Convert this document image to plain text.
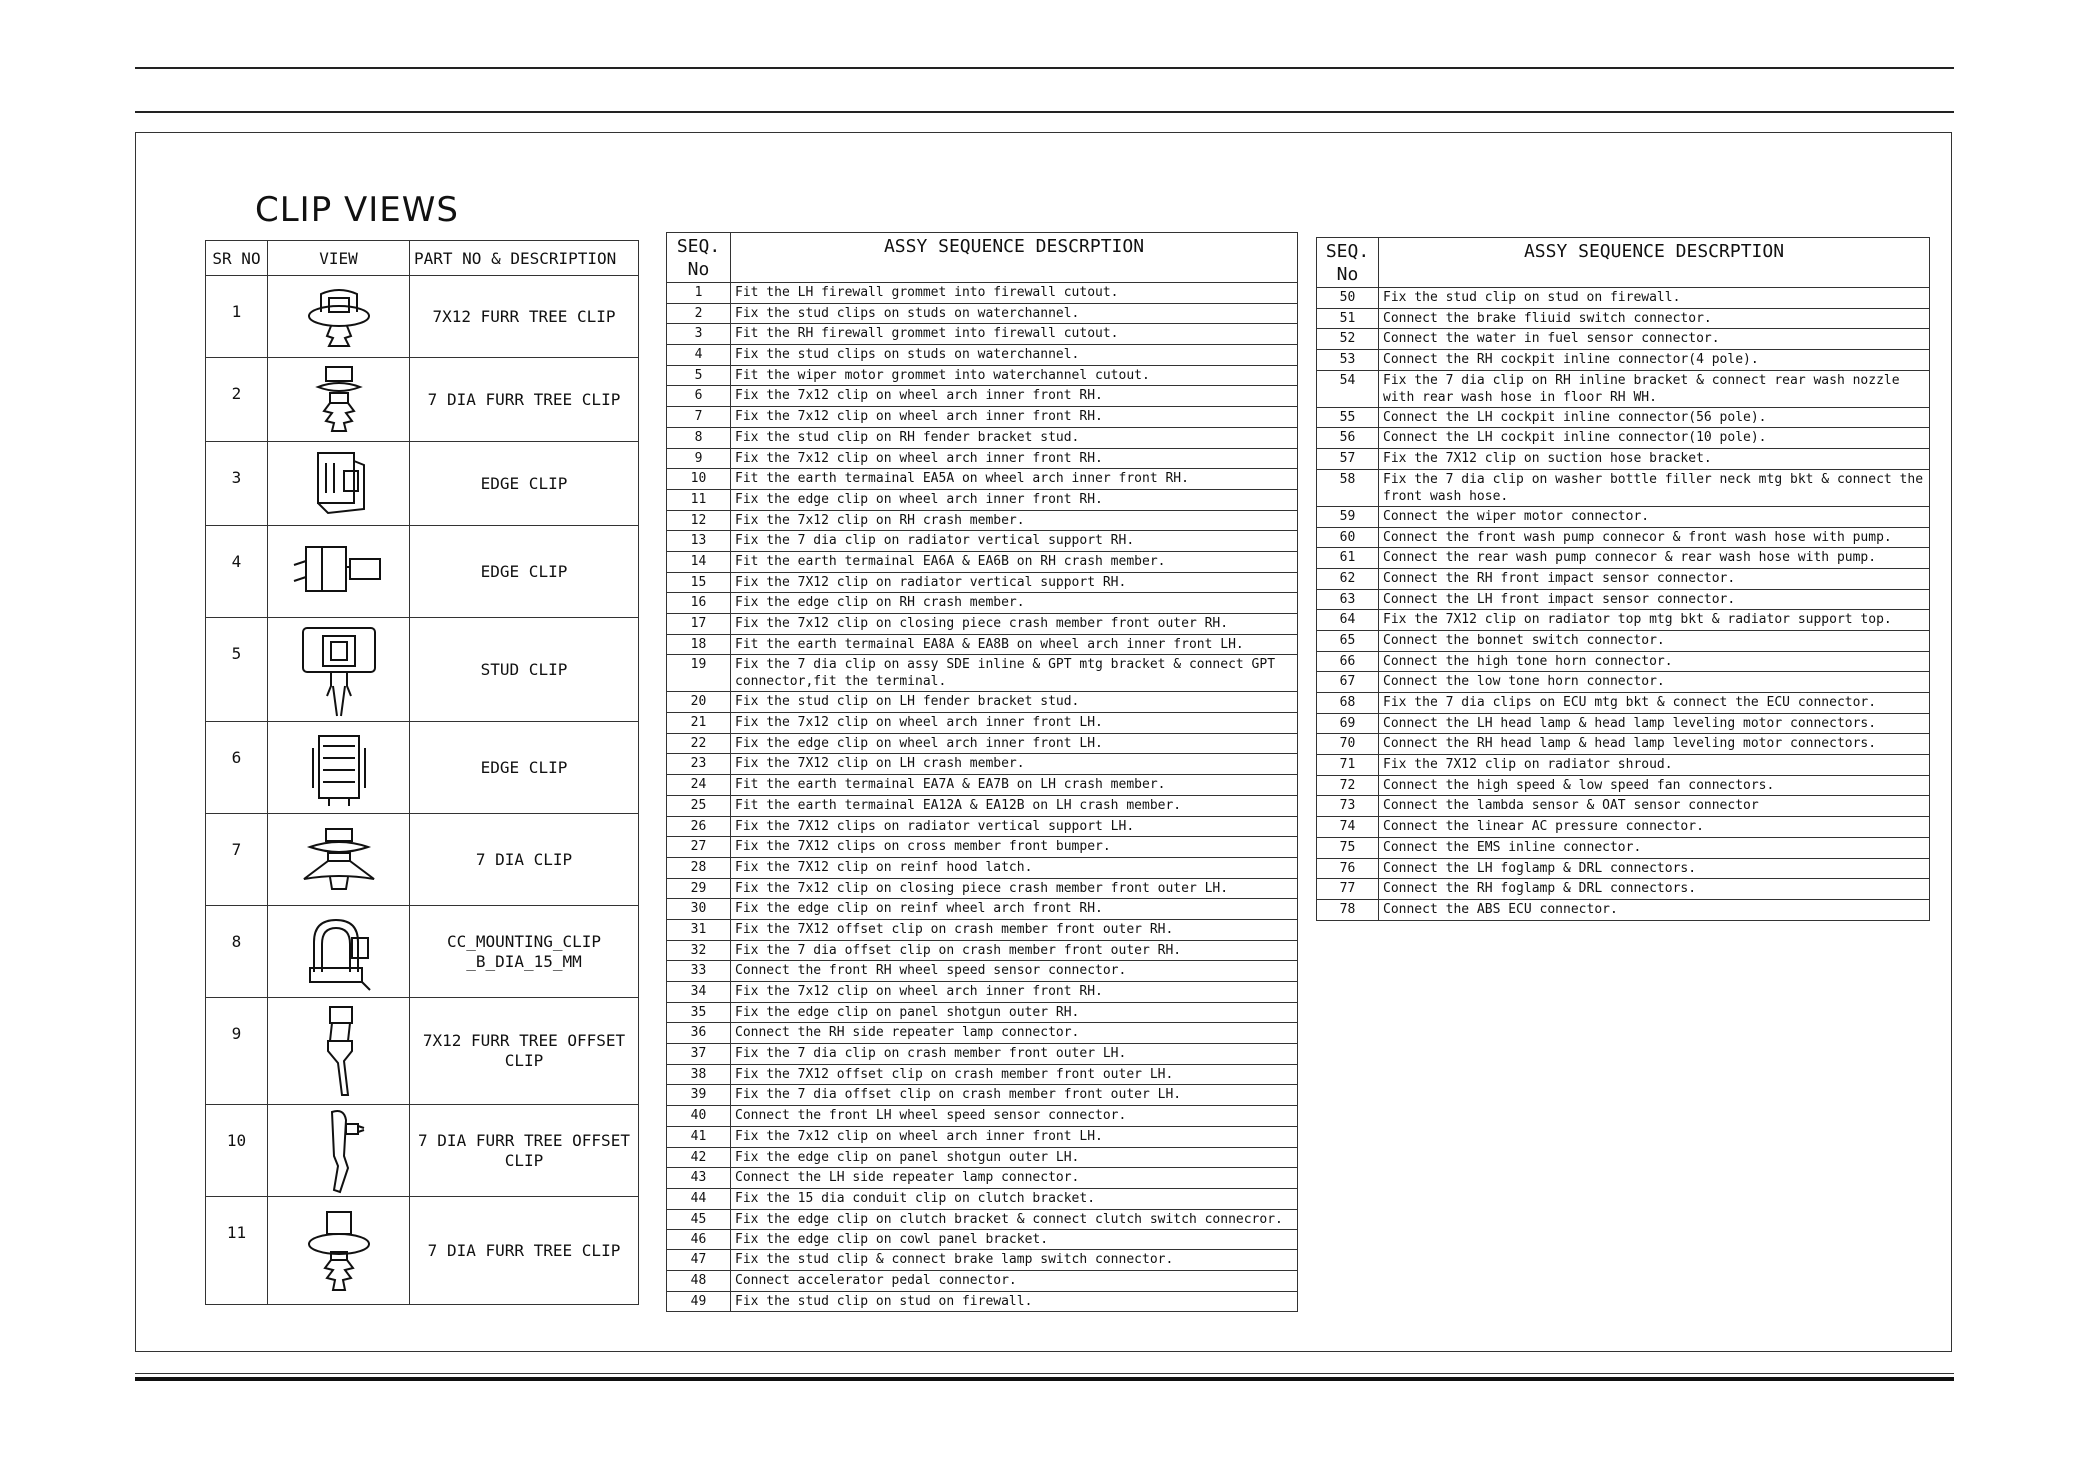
CLIP VIEWS
SR NO	VIEW	PART NO & DESCRIPTION
1		7X12 FURR TREE CLIP
2		7 DIA FURR TREE CLIP
3		EDGE CLIP
4		EDGE CLIP
5		STUD CLIP
6		EDGE CLIP
7		7 DIA CLIP
8		CC_MOUNTING_CLIP _B_DIA_15_MM
9		7X12 FURR TREE OFFSET CLIP
10		7 DIA FURR TREE OFFSET CLIP
11		7 DIA FURR TREE CLIP
SEQ. No	ASSY SEQUENCE DESCRPTION
1	Fit the LH firewall grommet into firewall cutout.
2	Fix the stud clips on studs on waterchannel.
3	Fit the RH firewall grommet into firewall cutout.
4	Fix the stud clips on studs on waterchannel.
5	Fit the wiper motor grommet into waterchannel cutout.
6	Fix the 7x12 clip on wheel arch inner front RH.
7	Fix the 7x12 clip on wheel arch inner front RH.
8	Fix the stud clip on RH fender bracket stud.
9	Fix the 7x12 clip on wheel arch inner front RH.
10	Fit the earth termainal EA5A on wheel arch inner front RH.
11	Fix the edge clip on wheel arch inner front RH.
12	Fix the 7x12 clip on RH crash member.
13	Fix the 7 dia clip on radiator vertical support RH.
14	Fit the earth termainal EA6A & EA6B on RH crash member.
15	Fix the 7X12 clip on radiator vertical support RH.
16	Fix the edge clip on RH crash member.
17	Fix the 7x12 clip on closing piece crash member front outer RH.
18	Fit the earth termainal EA8A & EA8B on wheel arch inner front LH.
19	Fix the 7 dia clip on assy SDE inline & GPT mtg bracket & connect GPT connector,fit the terminal.
20	Fix the stud clip on LH fender bracket stud.
21	Fix the 7x12 clip on wheel arch inner front LH.
22	Fix the edge clip on wheel arch inner front LH.
23	Fix the 7X12 clip on LH crash member.
24	Fit the earth termainal EA7A & EA7B on LH crash member.
25	Fit the earth termainal EA12A & EA12B on LH crash member.
26	Fix the 7X12 clips on radiator vertical support LH.
27	Fix the 7X12 clips on cross member front bumper.
28	Fix the 7X12 clip on reinf hood latch.
29	Fix the 7x12 clip on closing piece crash member front outer LH.
30	Fix the edge clip on reinf wheel arch front RH.
31	Fix the 7X12 offset clip on crash member front outer RH.
32	Fix the 7 dia offset clip on crash member front outer RH.
33	Connect the front RH wheel speed sensor connector.
34	Fix the 7x12 clip on wheel arch inner front RH.
35	Fix the edge clip on panel shotgun outer RH.
36	Connect the RH side repeater lamp connector.
37	Fix the 7 dia clip on crash member front outer LH.
38	Fix the 7X12 offset clip on crash member front outer LH.
39	Fix the 7 dia offset clip on crash member front outer LH.
40	Connect the front LH wheel speed sensor connector.
41	Fix the 7x12 clip on wheel arch inner front LH.
42	Fix the edge clip on panel shotgun outer LH.
43	Connect the LH side repeater lamp connector.
44	Fix the 15 dia conduit clip on clutch bracket.
45	Fix the edge clip on clutch bracket & connect clutch switch connecror.
46	Fix the edge clip on cowl panel bracket.
47	Fix the stud clip & connect brake lamp switch connector.
48	Connect accelerator pedal connector.
49	Fix the stud clip on stud on firewall.
SEQ. No	ASSY SEQUENCE DESCRPTION
50	Fix the stud clip on stud on firewall.
51	Connect the brake fliuid switch connector.
52	Connect the water in fuel sensor connector.
53	Connect the RH cockpit inline connector(4 pole).
54	Fix the 7 dia clip on RH inline bracket & connect rear wash nozzle with rear wash hose in floor RH WH.
55	Connect the LH cockpit inline connector(56 pole).
56	Connect the LH cockpit inline connector(10 pole).
57	Fix the 7X12 clip on suction hose bracket.
58	Fix the 7 dia clip on washer bottle filler neck mtg bkt & connect the front wash hose.
59	Connect the wiper motor connector.
60	Connect the front wash pump connecor & front wash hose with pump.
61	Connect the rear wash pump connecor & rear wash hose with pump.
62	Connect the RH front impact sensor connector.
63	Connect the LH front impact sensor connector.
64	Fix the 7X12 clip on radiator top mtg bkt & radiator support top.
65	Connect the bonnet switch connector.
66	Connect the high tone horn connector.
67	Connect the low tone horn connector.
68	Fix the 7 dia clips on ECU mtg bkt & connect the ECU connector.
69	Connect the LH head lamp & head lamp leveling motor connectors.
70	Connect the RH head lamp & head lamp leveling motor connectors.
71	Fix the 7X12 clip on radiator shroud.
72	Connect the high speed & low speed fan connectors.
73	Connect the lambda sensor & OAT sensor connector
74	Connect the linear AC pressure connector.
75	Connect the EMS inline connector.
76	Connect the LH foglamp & DRL connectors.
77	Connect the RH foglamp & DRL connectors.
78	Connect the ABS ECU connector.
